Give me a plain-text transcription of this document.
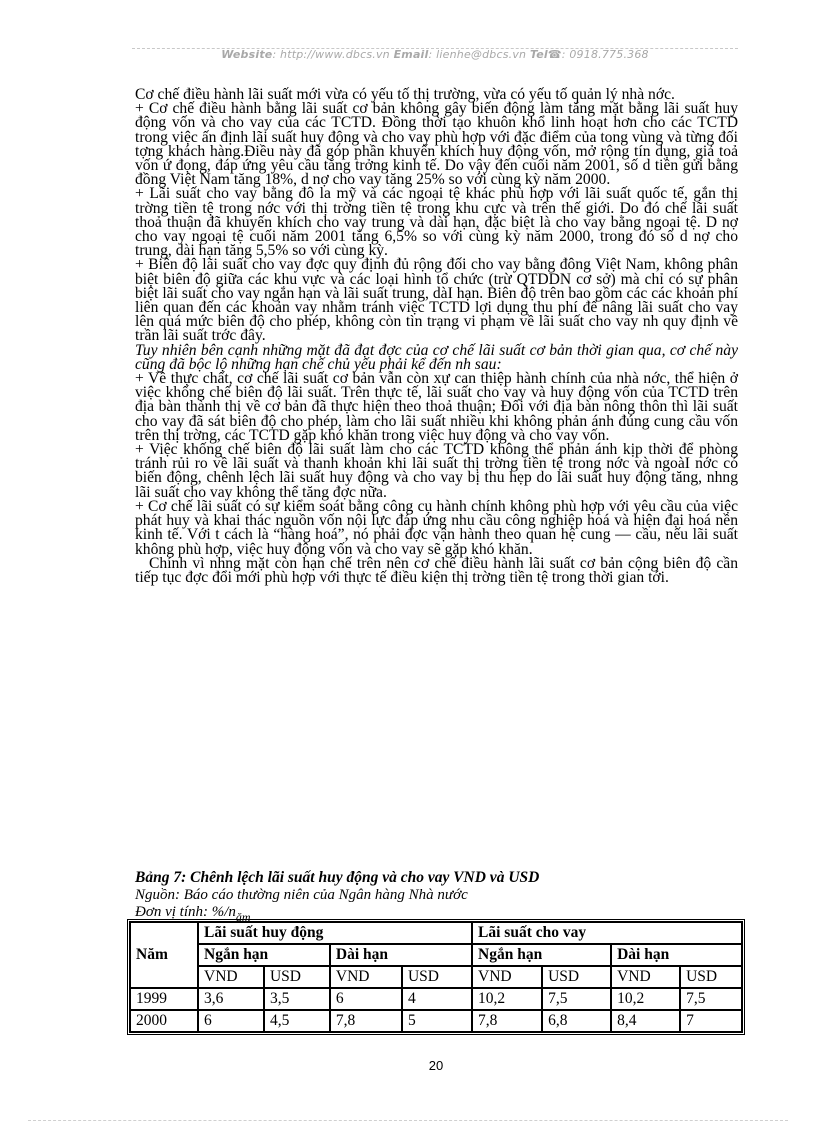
Website: http://www.dbcs.vn Email: lienhe@dbcs.vn Tel☎: 0918.775.368

Cơ chế điều hành lãi suất mới vừa có yếu tố thị trường, vừa có yếu tố quản lý nhà nớc.

+ Cơ chế điều hành bằng lãi suất cơ bản không gây biến động làm tăng mặt bằng lãi suất huy động vốn và cho vay của các TCTD. Đồng thời tạo khuôn khổ linh hoạt hơn cho các TCTD trong việc ấn định lãi suất huy động và cho vay phù hợp với đặc điểm của tong vùng và từng đối tợng khách hàng.Điều này đã góp phần khuyến khích huy động vốn, mở rộng tín dụng, giả toả vốn ứ đọng, đáp ứng yêu cầu tăng trởng kinh tế. Do vậy đến cuối năm 2001, số d tiền gửi bằng đồng Việt Nam tăng 18%, d nợ cho vay tăng 25% so với cùng kỳ năm 2000.

+ Lãi suất cho vay bằng đô la mỹ và các ngoại tệ khác phù hợp với lãi suất quốc tế, gắn thị trờng tiền tệ trong nớc với thị trờng tiền tệ trong khu cực và trên thế giới. Do đó chế lãi suất thoả thuận đã khuyến khích cho vay trung và dài hạn, đặc biệt là cho vay bằng ngoại tệ. D nợ cho vay ngoại tệ cuối năm 2001 tăng 6,5% so với cùng kỳ năm 2000, trong đó số d nợ cho trung, dài hạn tăng 5,5% so với cùng kỳ.

+ Biên độ lãi suất cho vay đợc quy định đủ rộng đối cho vay bằng đông Việt Nam, không phân biệt biên độ giữa các khu vực và các loại hình tổ chức (trừ QTDDN cơ sở) mà chỉ có sự phân biệt lãi suất cho vay ngắn hạn và lãi suất trung, dàI hạn. Biên độ trên bao gồm các các khoản phí liên quan đến các khoản vay nhằm tránh việc TCTD lợi dụng thu phí để nâng lãi suất cho vay lên quá mức biên độ cho phép, không còn tìn trạng vi phạm về lãi suất cho vay nh quy định về trần lãi suất trớc đây.

Tuy nhiên bên cạnh những mặt đã đạt đợc của cơ chế lãi suất cơ bản thời gian qua, cơ chế này cũng đã bộc lộ những hạn chế chủ yếu phải kể đến nh sau:

+ Về thực chất, cơ chế lãi suất cơ bản vẫn còn xự can thiệp hành chính của nhà nớc, thể hiện ở việc khống chế biên độ lãi suất. Trên thực tế, lãi suất cho vay và huy động vốn của TCTD trên địa bàn thành thị về cơ bản đã thực hiện theo thoả thuận; Đối với địa bàn nông thôn thì lãi suất cho vay đã sát biên độ cho phép, làm cho lãi suất nhiều khi không phản ánh đúng cung cầu vốn trên thị trờng, các TCTD gặp khó khăn trong việc huy động và cho vay vốn.

+ Việc khống chế biên độ lãi suất làm cho các TCTD không thể phản ánh kịp thời để phòng tránh rủi ro về lãi suất và thanh khoản khi lãi suất thị trờng tiền tệ trong nớc và ngoàI nớc có biến động, chênh lệch lãi suất huy động và cho vay bị thu hẹp do lãi suất huy động tăng, nhng lãi suất cho vay không thể tăng đợc nữa.

+ Cơ chế lãi suất có sự kiểm soát bằng công cụ hành chính không phù hợp với yêu cầu của việc phát huy và khai thác nguồn vốn nội lực đáp ứng nhu cầu công nghiệp hoá và hiện đại hoá nền kinh tế. Với t cách là “hàng hoá”, nó phải đợc vận hành theo quan hệ cung — cầu, nếu lãi suất không phù hợp, việc huy động vốn và cho vay sẽ gặp khó khăn.

Chính vì nhng mặt còn hạn chế trên nên cơ chế điều hành lãi suất cơ bản cộng biên độ cần tiếp tục đợc đổi mới phù hợp với thực tế điều kiện thị trờng tiền tệ trong thời gian tới.

Bảng 7: Chênh lệch lãi suất huy động và cho vay VND và USD
Nguồn: Báo cáo thường niên của Ngân hàng Nhà nước
Đơn vị tính: $\%/n_{ăm}$
Năm	Lãi suất huy động				Lãi suất cho vay			
	Ngắn hạn		Dài hạn		Ngắn hạn		Dài hạn	
	VND	USD	VND	USD	VND	USD	VND	USD
1999	3,6	3,5	6	4	10,2	7,5	10,2	7,5
2000	6	4,5	7,8	5	7,8	6,8	8,4	7
20
